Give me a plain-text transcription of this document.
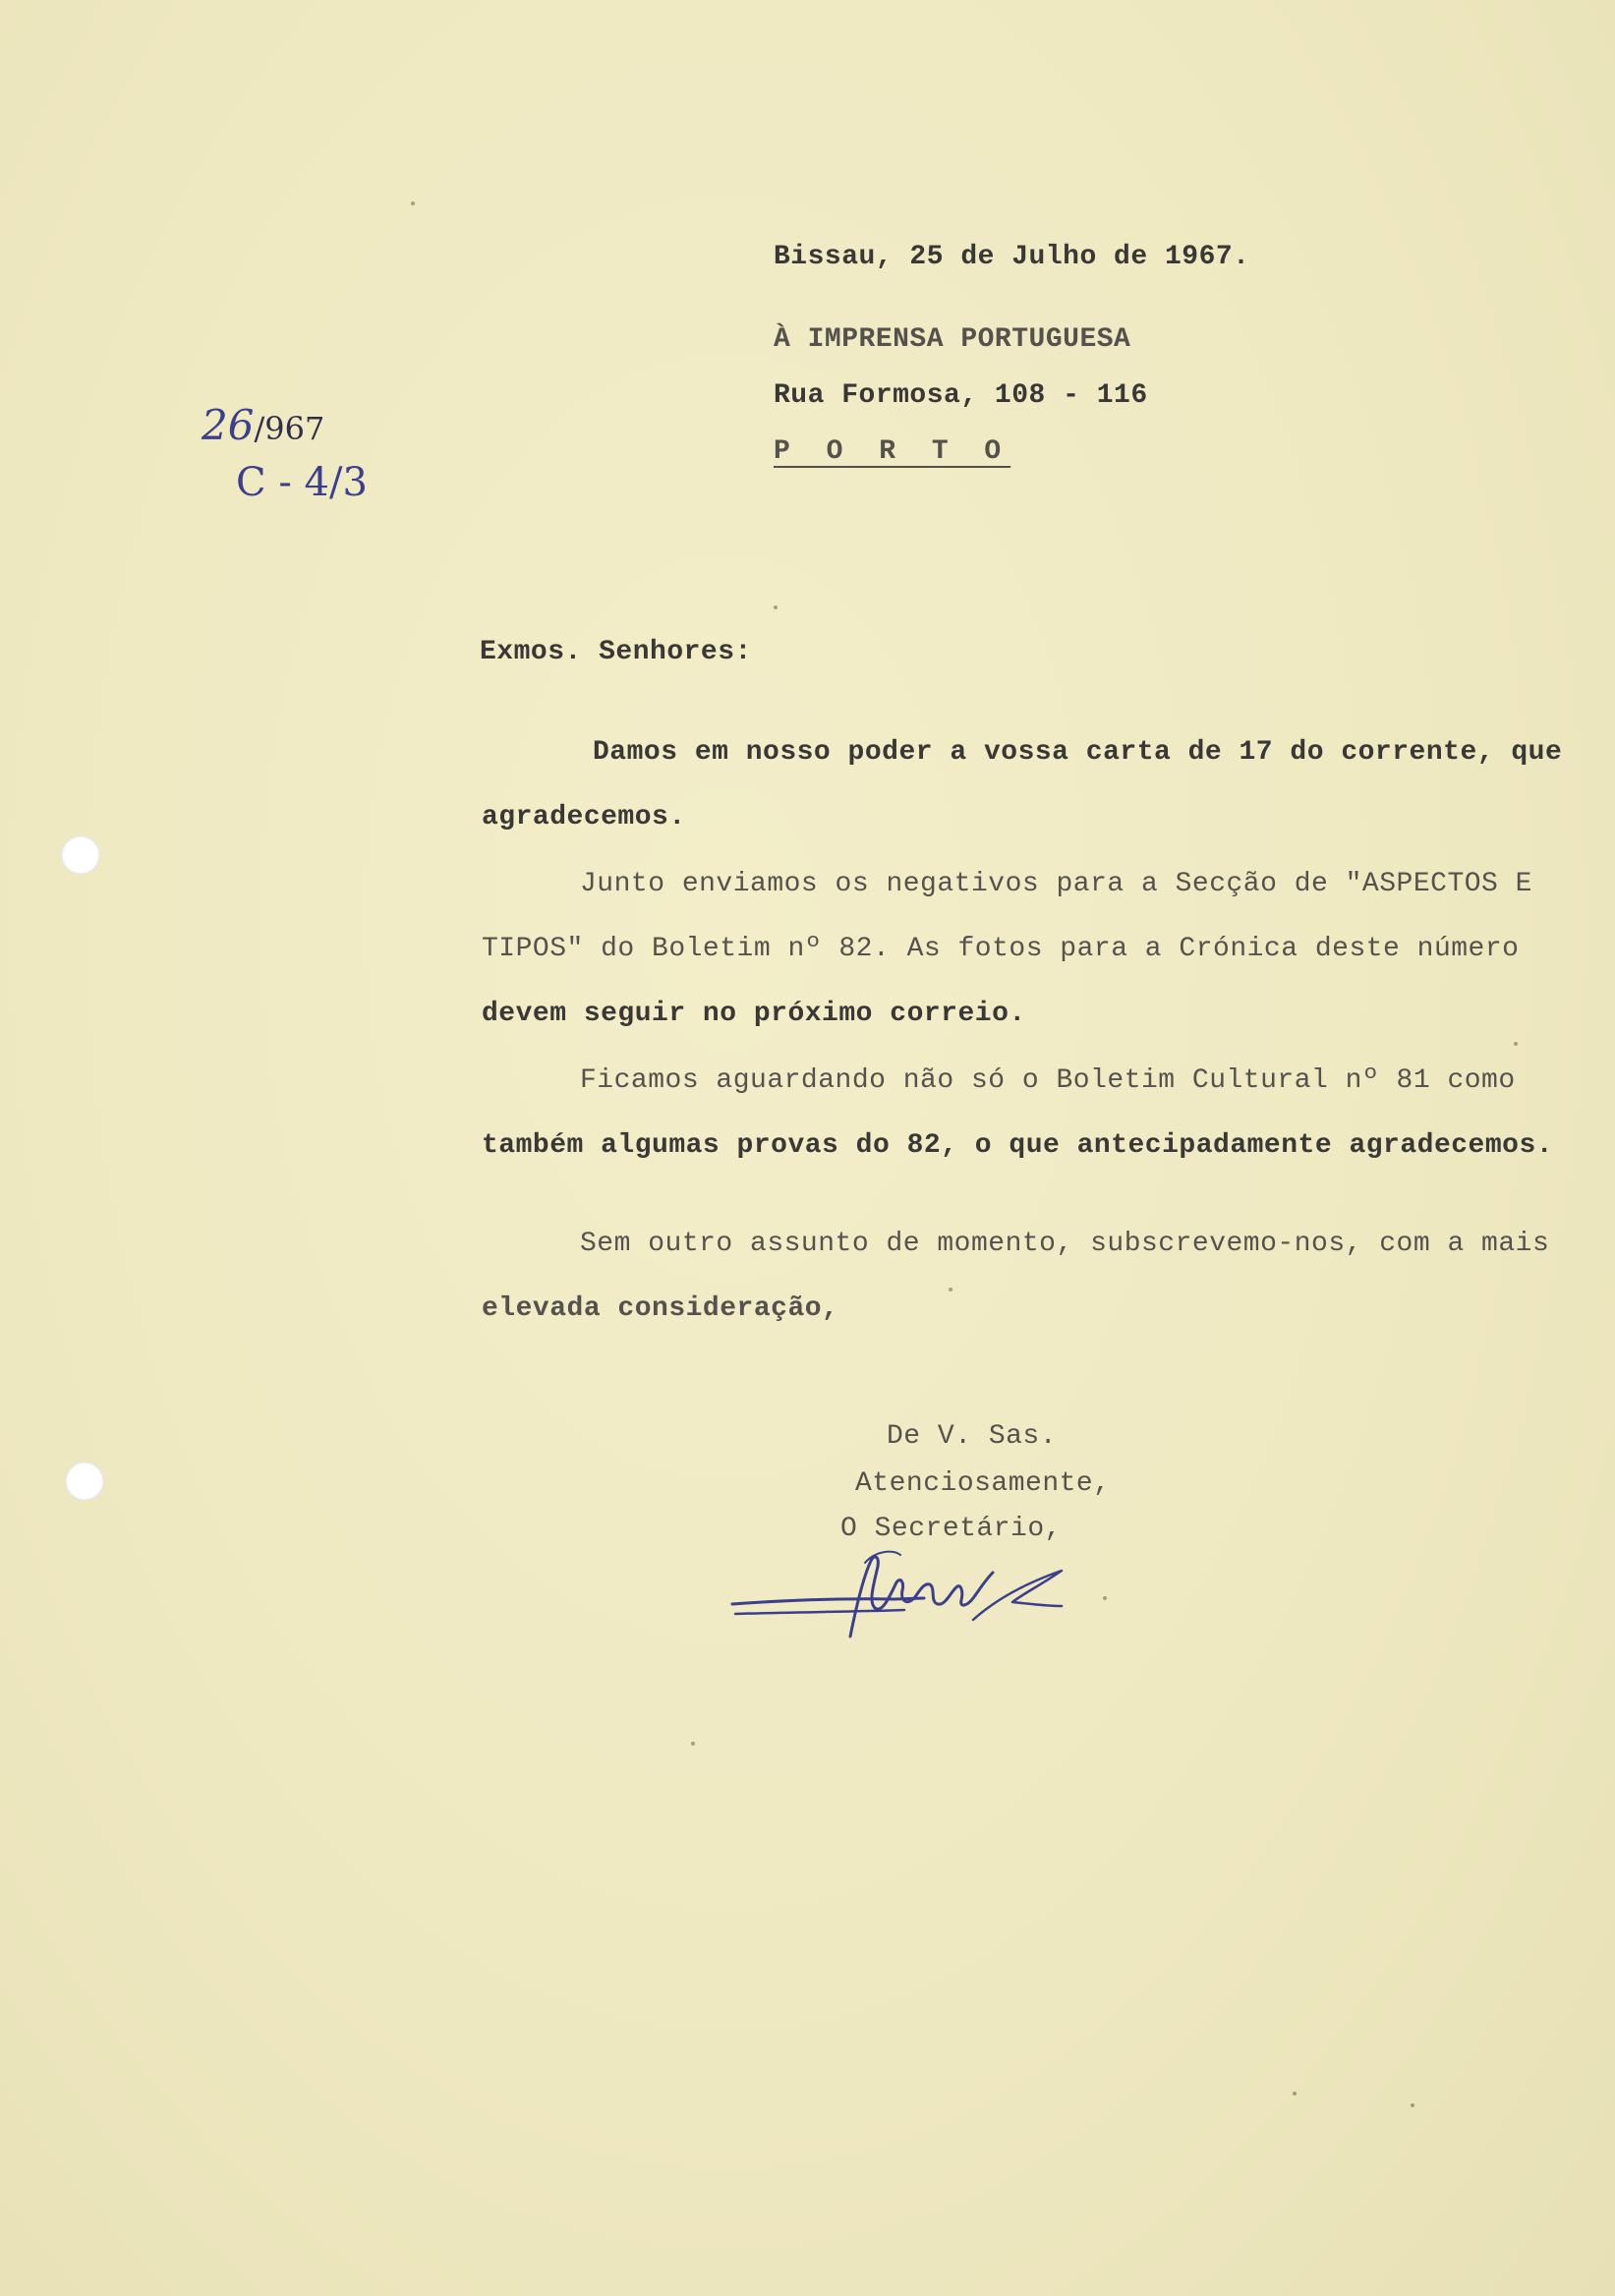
Bissau, 25 de Julho de 1967.

À IMPRENSA PORTUGUESA

Rua Formosa, 108 - 116

P O R T O

26/967
C - 4/3

Exmos. Senhores:

Damos em nosso poder a vossa carta de 17 do corrente, que

agradecemos.

Junto enviamos os negativos para a Secção de "ASPECTOS E

TIPOS" do Boletim nº 82. As fotos para a Crónica deste número

devem seguir no próximo correio.

Ficamos aguardando não só o Boletim Cultural nº 81 como

também algumas provas do 82, o que antecipadamente agradecemos.

Sem outro assunto de momento, subscrevemo-nos, com a mais

elevada consideração,

De V. Sas.

Atenciosamente,

O Secretário,
